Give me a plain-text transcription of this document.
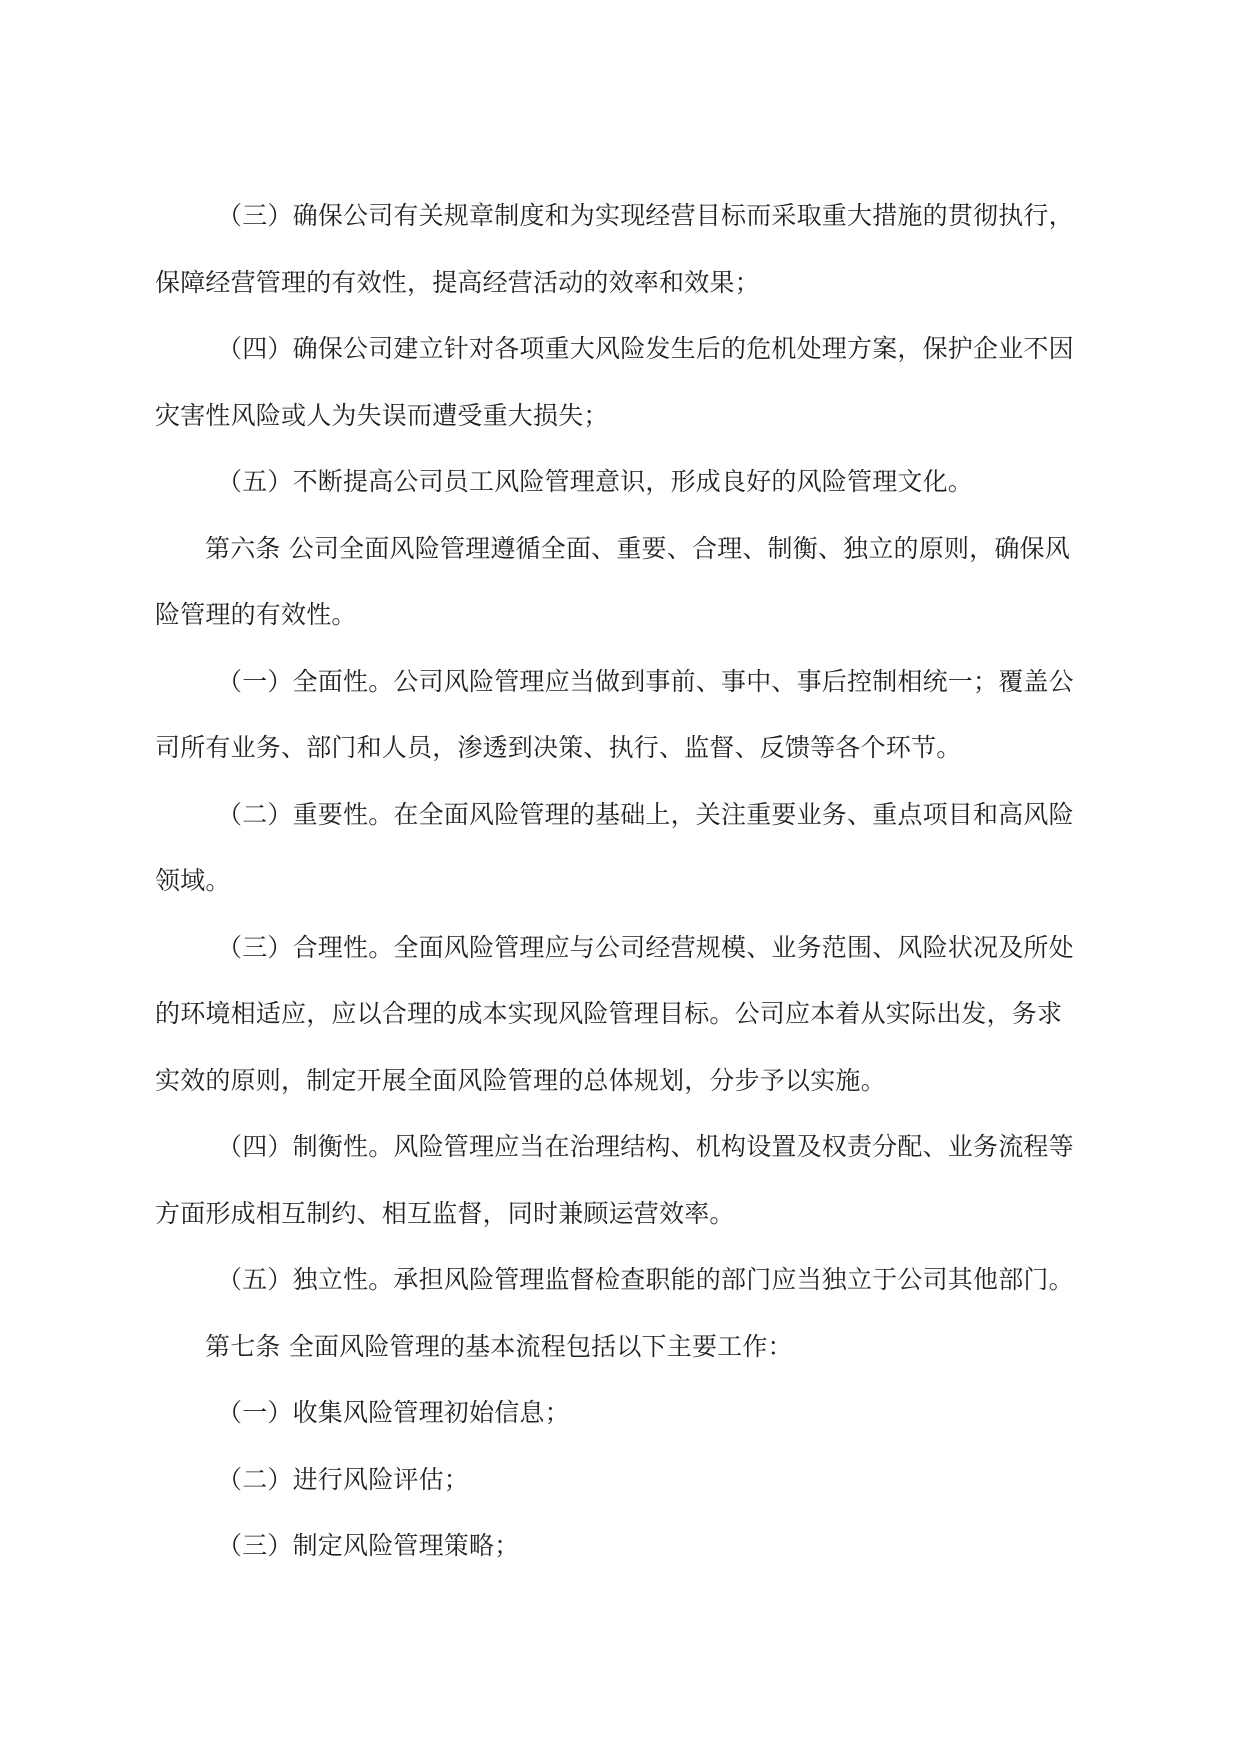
（三）确保公司有关规章制度和为实现经营目标而采取重大措施的贯彻执行，
保障经营管理的有效性，提高经营活动的效率和效果；
（四）确保公司建立针对各项重大风险发生后的危机处理方案，保护企业不因
灾害性风险或人为失误而遭受重大损失；
（五）不断提高公司员工风险管理意识，形成良好的风险管理文化。
第六条 公司全面风险管理遵循全面、重要、合理、制衡、独立的原则，确保风
险管理的有效性。
（一）全面性。公司风险管理应当做到事前、事中、事后控制相统一；覆盖公
司所有业务、部门和人员，渗透到决策、执行、监督、反馈等各个环节。
（二）重要性。在全面风险管理的基础上，关注重要业务、重点项目和高风险
领域。
（三）合理性。全面风险管理应与公司经营规模、业务范围、风险状况及所处
的环境相适应，应以合理的成本实现风险管理目标。公司应本着从实际出发，务求
实效的原则，制定开展全面风险管理的总体规划，分步予以实施。
（四）制衡性。风险管理应当在治理结构、机构设置及权责分配、业务流程等
方面形成相互制约、相互监督，同时兼顾运营效率。
（五）独立性。承担风险管理监督检查职能的部门应当独立于公司其他部门。
第七条 全面风险管理的基本流程包括以下主要工作：
（一）收集风险管理初始信息；
（二）进行风险评估；
（三）制定风险管理策略；
